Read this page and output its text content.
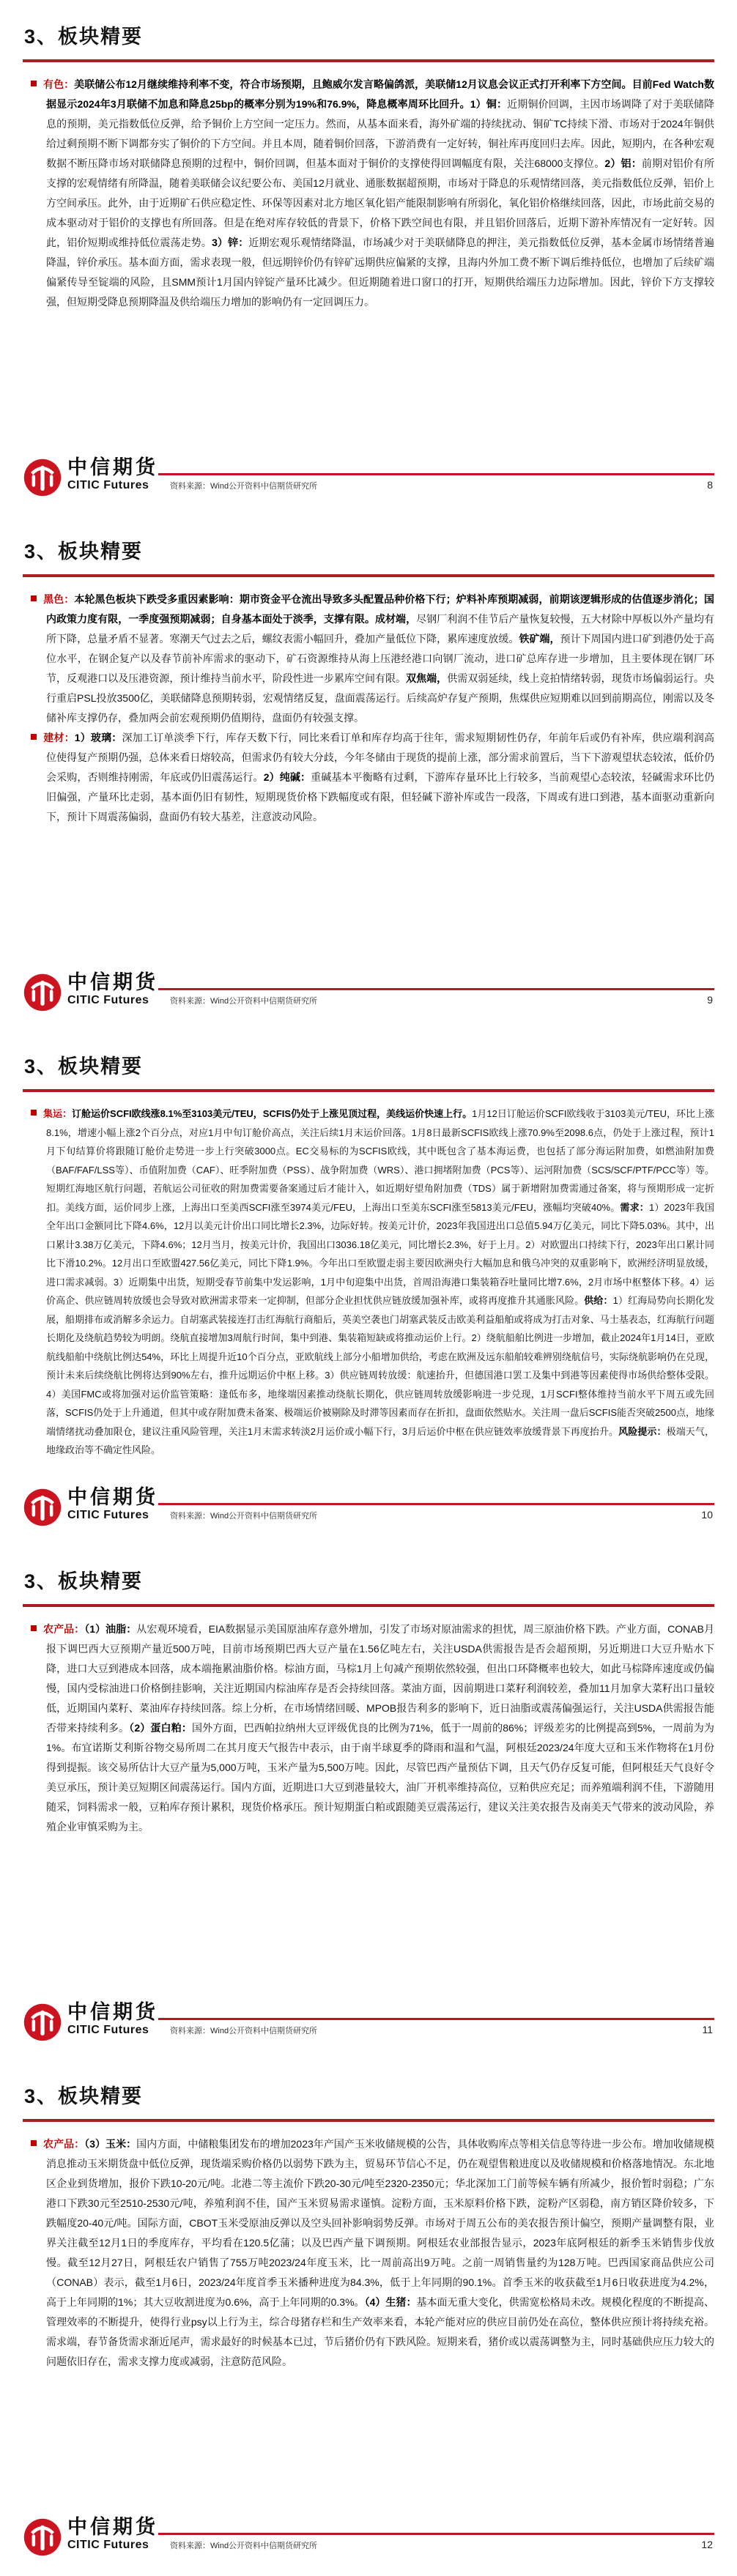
3、板块精要
有色：美联储公布12月继续维持利率不变，符合市场预期，且鲍威尔发言略偏鸽派，美联储12月议息会议正式打开利率下方空间。目前Fed Watch数据显示2024年3月联储不加息和降息25bp的概率分别为19%和76.9%，降息概率周环比回升。1）铜：近期铜价回调，主因市场调降了对于美联储降息的预期，美元指数低位反弹，给予铜价上方空间一定压力。然而，从基本面来看，海外矿端的持续扰动、铜矿TC持续下滑、市场对于2024年铜供给过剩预期不断下调都夯实了铜价的下方空间。并且本周，随着铜价回落，下游消费有一定好转，铜社库再度回归去库。因此，短期内，在各种宏观数据不断压降市场对联储降息预期的过程中，铜价回调，但基本面对于铜价的支撑使得回调幅度有限，关注68000支撑位。2）铝：前期对铝价有所支撑的宏观情绪有所降温，随着美联储会议纪要公布、美国12月就业、通胀数据超预期，市场对于降息的乐观情绪回落，美元指数低位反弹，铝价上方空间承压。此外，由于近期矿石供应稳定性、环保等因素对北方地区氧化铝产能限制影响有所弱化，氧化铝价格继续回落，因此，市场此前交易的成本驱动对于铝价的支撑也有所回落。但是在绝对库存较低的背景下，价格下跌空间也有限，并且铝价回落后，近期下游补库情况有一定好转。因此，铝价短期或维持低位震荡走势。3）锌：近期宏观乐观情绪降温，市场减少对于美联储降息的押注，美元指数低位反弹，基本金属市场情绪普遍降温，锌价承压。基本面方面，需求表现一般，但远期锌价仍有锌矿远期供应偏紧的支撑，且海内外加工费不断下调后维持低位，也增加了后续矿端偏紧传导至锭端的风险，且SMM预计1月国内锌锭产量环比减少。但近期随着进口窗口的打开，短期供给端压力边际增加。因此，锌价下方支撑较强，但短期受降息预期降温及供给端压力增加的影响仍有一定回调压力。
中信期货
CITIC Futures	资料来源：Wind公开资料中信期货研究所	8
3、板块精要
黑色：本轮黑色板块下跌受多重因素影响：期市资金平仓流出导致多头配置品种价格下行；炉料补库预期减弱，前期该逻辑形成的估值逐步消化；国内政策力度有限，一季度强预期减弱；自身基本面处于淡季，支撑有限。成材端，尽钢厂利润不佳节后产量恢复较慢，五大材除中厚板以外产量均有所下降，总量矛盾不显著。寒潮天气过去之后，螺纹表需小幅回升，叠加产量低位下降，累库速度放缓。铁矿端，预计下周国内进口矿到港仍处于高位水平，在钢企复产以及春节前补库需求的驱动下，矿石资源维持从海上压港经港口向钢厂流动，进口矿总库存进一步增加，且主要体现在钢厂环节，反观港口以及压港资源，预计维持当前水平，阶段性进一步累库空间有限。双焦端，供需双弱延续，线上竞拍情绪转弱，现货市场偏弱运行。央行重启PSL投放3500亿，美联储降息预期转弱，宏观情绪反复，盘面震荡运行。后续高炉存复产预期，焦煤供应短期难以回到前期高位，刚需以及冬储补库支撑仍存，叠加两会前宏观预期仍值期待，盘面仍有较强支撑。
建材：1）玻璃：深加工订单淡季下行，库存天数下行，同比来看订单和库存均高于往年，需求短期韧性仍存，年前年后或仍有补库，供应端利润高位使得复产预期仍强，总体来看日熔较高，但需求仍有较大分歧，今年冬储由于现货的提前上涨，部分需求前置后，当下下游观望状态较浓，低价仍会采购，否则维持刚需，年底或仍旧震荡运行。2）纯碱：重碱基本平衡略有过剩，下游库存量环比上行较多，当前观望心态较浓，轻碱需求环比仍旧偏强，产量环比走弱，基本面仍旧有韧性，短期现货价格下跌幅度或有限，但轻碱下游补库或告一段落，下周或有进口到港，基本面驱动重新向下，预计下周震荡偏弱，盘面仍有较大基差，注意波动风险。
中信期货
CITIC Futures	资料来源：Wind公开资料中信期货研究所	9
3、板块精要
集运：订舱运价SCFI欧线涨8.1%至3103美元/TEU，SCFIS仍处于上涨见顶过程，美线运价快速上行。1月12日订舱运价SCFI欧线收于3103美元/TEU，环比上涨8.1%，增速小幅上涨2个百分点，对应1月中旬订舱价高点，关注后续1月末运价回落。1月8日最新SCFIS欧线上涨70.9%至2098.6点，仍处于上涨过程，预计1月下旬结算价将跟随订舱价走势进一步上行突破3000点。EC交易标的为SCFIS欧线，其中既包含了基本海运费，也包括了部分海运附加费，如燃油附加费（BAF/FAF/LSS等）、币值附加费（CAF）、旺季附加费（PSS）、战争附加费（WRS）、港口拥堵附加费（PCS等）、运河附加费（SCS/SCF/PTF/PCC等）等。短期红海地区航行问题，若航运公司征收的附加费需要备案通过后才能计入，如近期好望角附加费（TDS）属于新增附加费需通过备案，将与预期形成一定折扣。美线方面，运价同步上涨，上海出口至美西SCFI涨至3974美元/FEU，上海出口至美东SCFI涨至5813美元/FEU，涨幅均突破40%。需求：1）2023年我国全年出口金额同比下降4.6%，12月以美元计价出口同比增长2.3%，边际好转。按美元计价，2023年我国进出口总值5.94万亿美元，同比下降5.03%。其中，出口累计3.38万亿美元，下降4.6%；12月当月，按美元计价，我国出口3036.18亿美元，同比增长2.3%，好于上月。2）对欧盟出口持续下行，2023年出口累计同比下滑10.2%。12月出口至欧盟427.56亿美元，同比下降1.9%。今年出口至欧盟走弱主要因欧洲央行大幅加息和俄乌冲突的双重影响下，欧洲经济明显放缓，进口需求减弱。3）近期集中出货，短期受春节前集中发运影响，1月中旬迎集中出货，首周沿海港口集装箱吞吐量同比增7.6%，2月市场中枢整体下移。4）运价高企、供应链周转放缓也会导致对欧洲需求带来一定抑制，但部分企业担忧供应链放缓加强补库，或将再度推升其通胀风险。供给：1）红海局势向长期化发展，船期排布或消解多余运力。自胡塞武装接连打击红海航行商船后，英美空袭也门胡塞武装反击欧美利益船舶或将成为打击对象、马士基表态，红海航行问题长期化及绕航趋势较为明朗。绕航直接增加3周航行时间，集中到港、集装箱短缺或将推动运价上行。2）绕航船舶比例进一步增加，截止2024年1月14日，亚欧航线船舶中绕航比例达54%，环比上周提升近10个百分点，亚欧航线上部分小船增加供给，考虑在欧洲及远东船舶较难辨别绕航信号，实际绕航影响仍在兑现，预计未来后续绕航比例将达到90%左右，推升远期运价中枢上移。3）供应链周转放缓：航速抬升，但德国港口罢工及集中到港等因素使得市场供给整体受限。4）美国FMC或将加强对运价监管策略：逢低布多，地缘端因素推动绕航长期化，供应链周转放缓影响进一步兑现，1月SCFI整体维持当前水平下周五或先回落，SCFIS仍处于上升通道，但其中或存附加费未备案、极端运价被剔除及时滞等因素而存在折扣，盘面依然贴水。关注周一盘后SCFIS能否突破2500点，地缘端情绪扰动叠加限仓，建议注重风险管理，关注1月末需求转淡2月运价或小幅下行，3月后运价中枢在供应链效率放缓背景下再度抬升。风险提示：极端天气，地缘政治等不确定性风险。
中信期货
CITIC Futures	资料来源：Wind公开资料中信期货研究所	10
3、板块精要
农产品：（1）油脂：从宏观环境看，EIA数据显示美国原油库存意外增加，引发了市场对原油需求的担忧，周三原油价格下跌。产业方面，CONAB月报下调巴西大豆预期产量近500万吨，目前市场预期巴西大豆产量在1.56亿吨左右，关注USDA供需报告是否会超预期，另近期进口大豆升贴水下降，进口大豆到港成本回落，成本端拖累油脂价格。棕油方面，马棕1月上旬减产预期依然较强，但出口环降概率也较大，如此马棕降库速度或仍偏慢，国内受棕油进口价格倒挂影响，关注近期国内棕油库存是否会持续回落。菜油方面，因前期进口菜籽利润较差，叠加11月加拿大菜籽出口量较低，近期国内菜籽、菜油库存持续回落。综上分析，在市场情绪回暖、MPOB报告利多的影响下，近日油脂或震荡偏强运行，关注USDA供需报告能否带来持续利多。（2）蛋白粕：国外方面，巴西帕拉纳州大豆评级优良的比例为71%，低于一周前的86%；评级差劣的比例提高到5%，一周前为为1%。布宜诺斯艾利斯谷物交易所周二在其月度天气报告中表示，由于南半球夏季的降雨和温和气温，阿根廷2023/24年度大豆和玉米作物将在1月份得到提振。该交易所估计大豆产量为5,000万吨，玉米产量为5,500万吨。因此，尽管巴西产量预估下调，且天气仍存反复可能，但阿根廷天气良好令美豆承压，预计美豆短期区间震荡运行。国内方面，近期进口大豆到港量较大，油厂开机率维持高位，豆粕供应充足；而养殖端利润不佳，下游随用随采，饲料需求一般，豆粕库存预计累积，现货价格承压。预计短期蛋白粕或跟随美豆震荡运行，建议关注美农报告及南美天气带来的波动风险，养殖企业审慎采购为主。
中信期货
CITIC Futures	资料来源：Wind公开资料中信期货研究所	11
3、板块精要
农产品：（3）玉米：国内方面，中储粮集团发布的增加2023年产国产玉米收储规模的公告，具体收购库点等相关信息等待进一步公布。增加收储规模消息推动玉米期货盘中低位反弹，现货端采购价格仍以弱势下跌为主，贸易环节信心不足，仍在观望售粮进度以及收储规模和价格落地情况。东北地区企业到货增加，报价下跌10-20元/吨。北港二等主流价下跌20-30元/吨至2320-2350元；华北深加工门前等候车辆有所减少，报价暂时弱稳；广东港口下跌30元至2510-2530元/吨，养殖利润不佳，国产玉米贸易需求谨慎。淀粉方面，玉米原料价格下跌，淀粉产区弱稳，南方销区降价较多，下跌幅度20-40元/吨。国际方面，CBOT玉米受原油反弹以及空头回补影响弱势反弹。市场对于周五公布的美农报告预计偏空，预期产量调整有限，业界关注截至12月1日的季度库存，平均看在120.5亿蒲；以及巴西产量下调预期。阿根廷农业部报告显示，2023年底阿根廷的新季玉米销售步伐放慢。截至12月27日，阿根廷农户销售了755万吨2023/24年度玉米，比一周前高出9万吨。之前一周销售量约为128万吨。巴西国家商品供应公司（CONAB）表示，截至1月6日，2023/24年度首季玉米播种进度为84.3%，低于上年同期的90.1%。首季玉米的收获截至1月6日收获进度为4.2%，高于上年同期的1%；其大豆收割进度为0.6%，高于上年同期的0.3%。（4）生猪：基本面无重大变化，供需宽松格局未改。规模化程度的不断提高、管理效率的不断提升，使得行业psy以上行为主，综合母猪存栏和生产效率来看，本轮产能对应的供应目前仍处在高位，整体供应预计将持续充裕。需求端，春节备货需求渐近尾声，需求最好的时候基本已过，节后猪价仍有下跌风险。短期来看，猪价或以震荡调整为主，同时基础供应压力较大的问题依旧存在，需求支撑力度或减弱，注意防范风险。
中信期货
CITIC Futures	资料来源：Wind公开资料中信期货研究所	12
